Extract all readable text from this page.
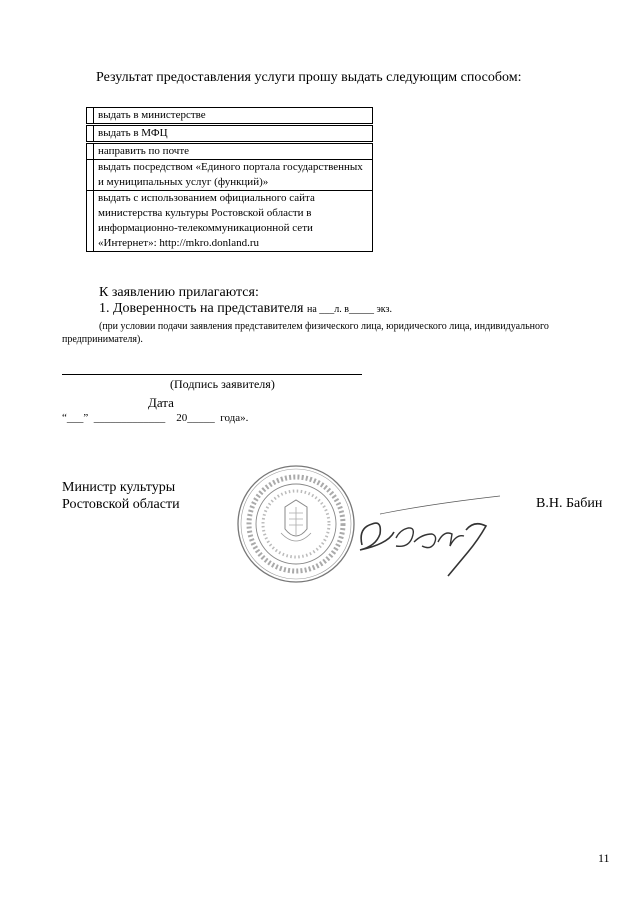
Результат предоставления услуги прошу выдать следующим способом:
	выдать в министерстве
	выдать в МФЦ
	направить по почте
	выдать посредством «Единого портала государственных и муниципальных услуг (функций)»
	выдать с использованием официального сайта министерства культуры Ростовской области в информационно-телекоммуникационной сети «Интернет»: http://mkro.donland.ru
К заявлению прилагаются:
1. Доверенность на представителя на ___л. в_____ экз.
(при условии подачи заявления представителем физического лица, юридического лица, индивидуального предпринимателя).
(Подпись заявителя)
Дата
“___”  _____________    20_____  года».
Министр культуры
Ростовской области	В.Н. Бабин
11
